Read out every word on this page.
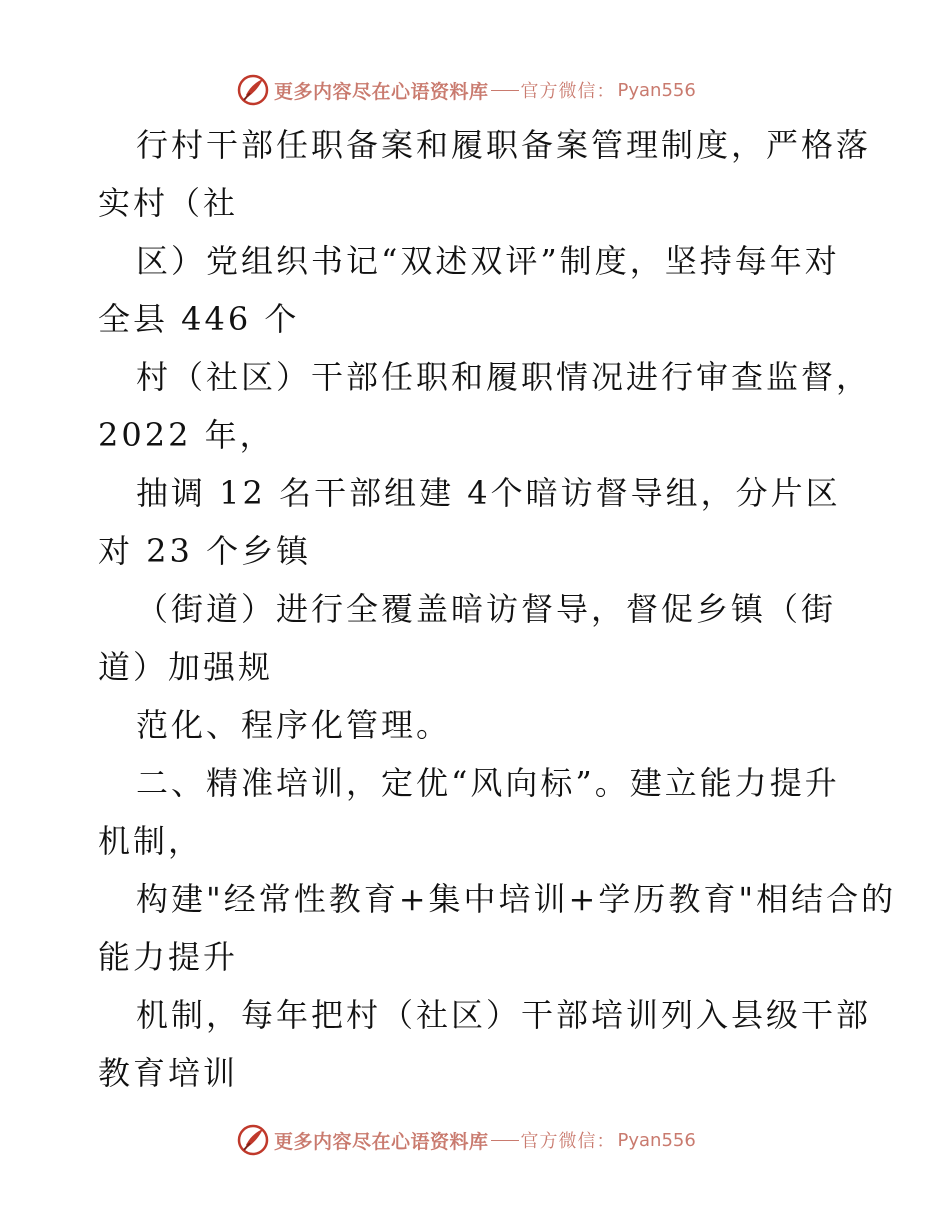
更多内容尽在心语资料库 官方微信： Pyan556
行村干部任职备案和履职备案管理制度，严格落
实村（社
区）党组织书记“双述双评”制度，坚持每年对
全县 446 个
村（社区）干部任职和履职情况进行审查监督，
2022 年，
抽调 12 名干部组建 4个暗访督导组，分片区
对 23 个乡镇
（街道）进行全覆盖暗访督导，督促乡镇（街
道）加强规
范化、程序化管理。
二、精准培训，定优“风向标”。建立能力提升
机制，
构建"经常性教育+集中培训+学历教育"相结合的
能力提升
机制，每年把村（社区）干部培训列入县级干部
教育培训
更多内容尽在心语资料库 官方微信： Pyan556
